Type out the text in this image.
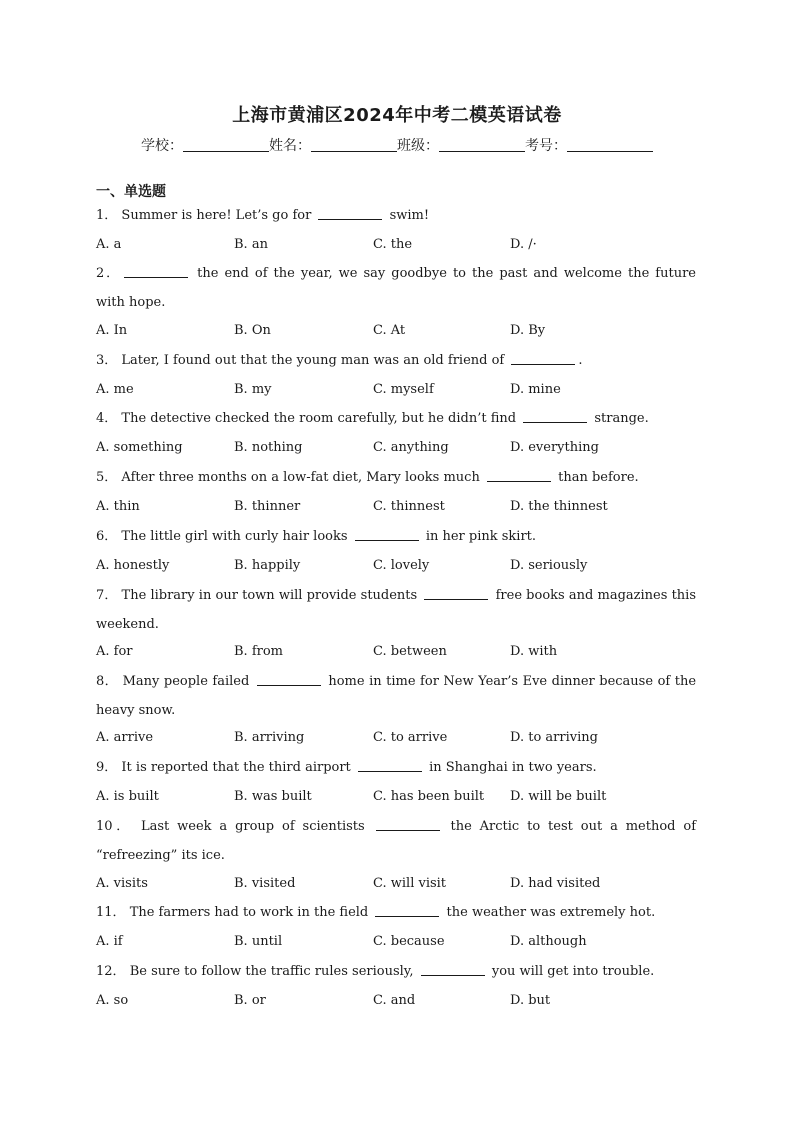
上海市黄浦区2024年中考二模英语试卷
学校：	姓名：	班级：	考号：
一、单选题
1． Summer is here! Let’s go for	swim!
A. a	B. an	C. the	D. /·
2．	the end of the year, we say goodbye to the past and welcome the future with hope.
A. In	B. On	C. At	D. By
3． Later, I found out that the young man was an old friend of	.
A. me	B. my	C. myself	D. mine
4． The detective checked the room carefully, but he didn’t find	strange.
A. something	B. nothing	C. anything	D. everything
5． After three months on a low-fat diet, Mary looks much	than before.
A. thin	B. thinner	C. thinnest	D. the thinnest
6． The little girl with curly hair looks	in her pink skirt.
A. honestly	B. happily	C. lovely	D. seriously
7． The library in our town will provide students	free books and magazines this weekend.
A. for	B. from	C. between	D. with
8． Many people failed	home in time for New Year’s Eve dinner because of the heavy snow.
A. arrive	B. arriving	C. to arrive	D. to arriving
9． It is reported that the third airport	in Shanghai in two years.
A. is built	B. was built	C. has been built D. will be built
10． Last week a group of scientists	the Arctic to test out a method of “refreezing” its ice.
A. visits	B. visited	C. will visit	D. had visited
11． The farmers had to work in the field	the weather was extremely hot.
A. if	B. until	C. because	D. although
12． Be sure to follow the traffic rules seriously,	you will get into trouble.
A. so	B. or	C. and	D. but
